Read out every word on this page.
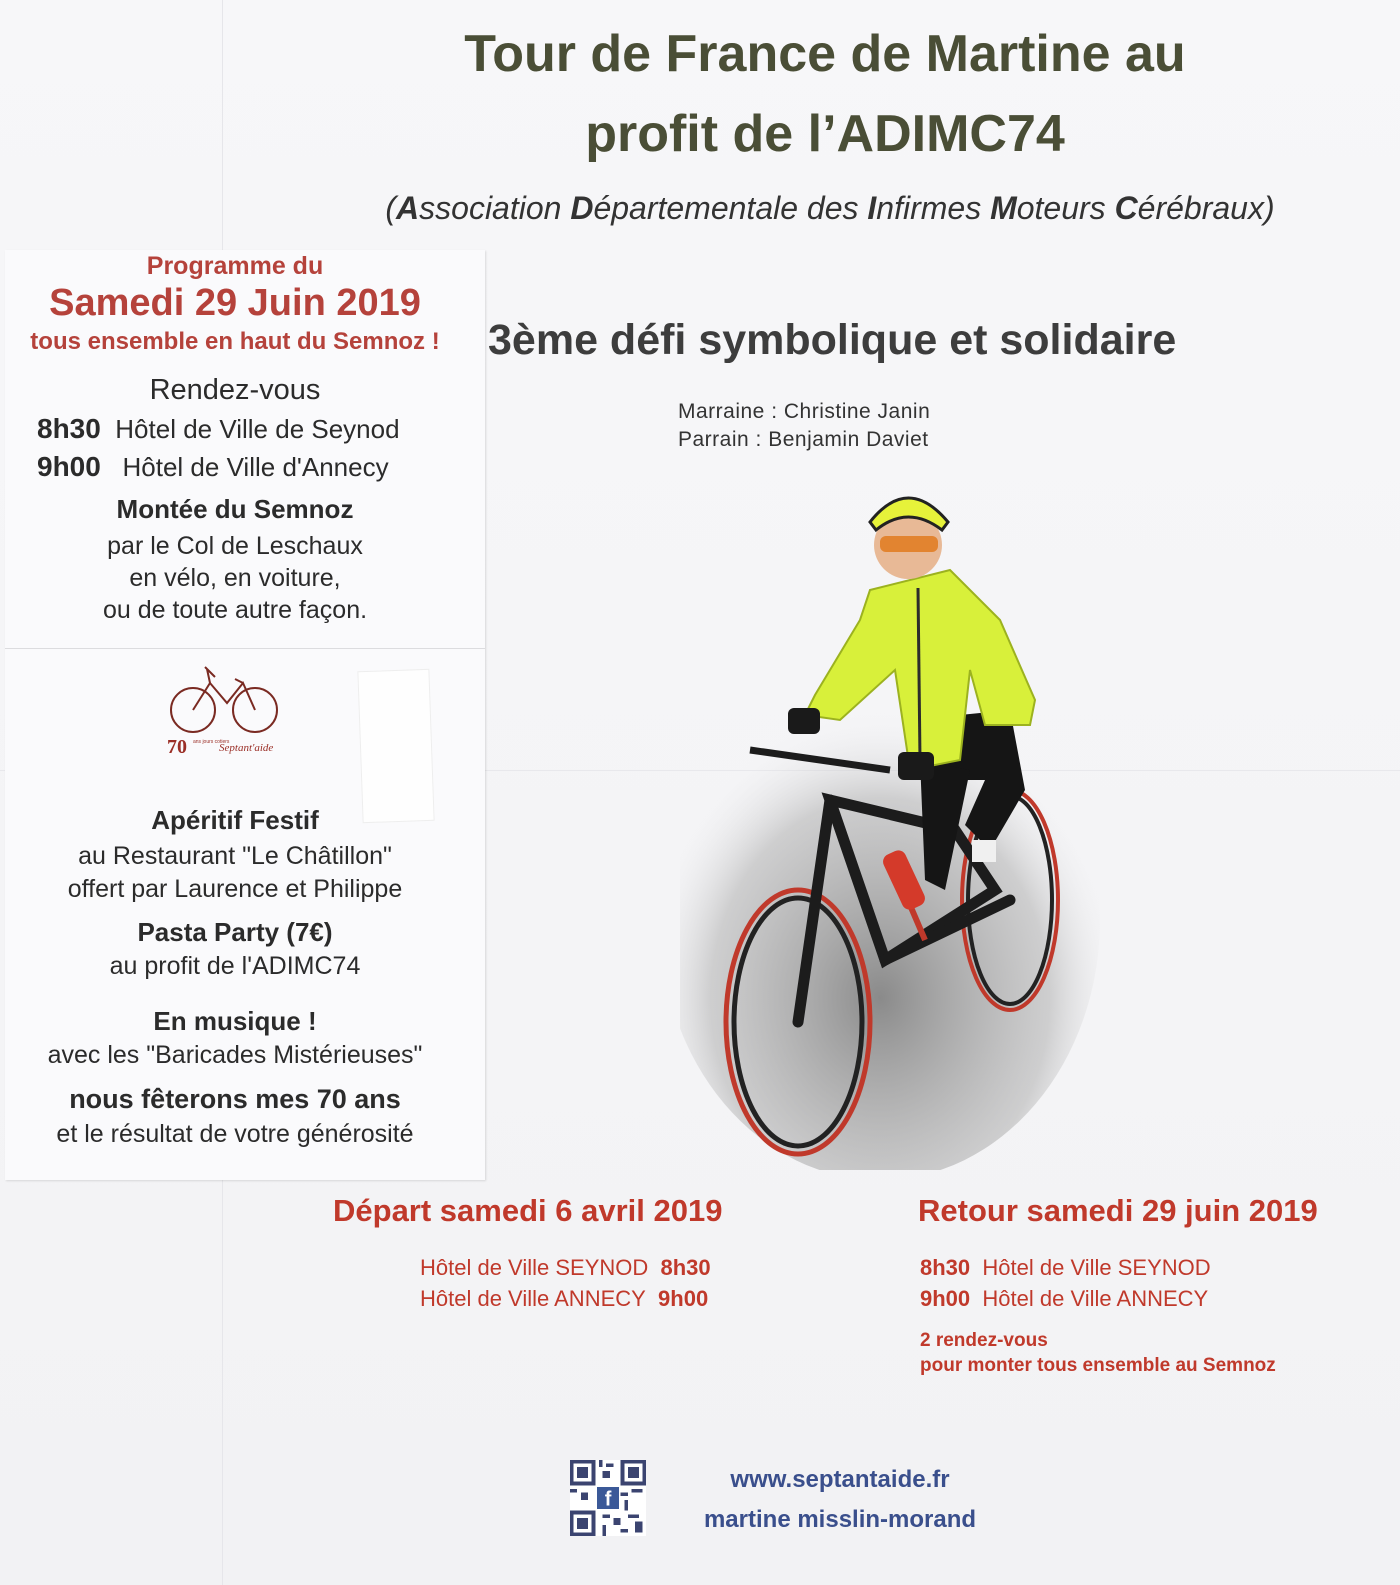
Tour de France de Martine au
profit de l’ADIMC74
(Association Départementale des Infirmes Moteurs Cérébraux)
Programme du
Samedi 29 Juin 2019
tous ensemble en haut du Semnoz !
Rendez-vous
8h30 Hôtel de Ville de Seynod
9h00 Hôtel de Ville d'Annecy
Montée du Semnoz
par le Col de Leschaux
en vélo, en voiture,
ou de toute autre façon.
70 ans jours cotiers
Septant'aide
Apéritif Festif
au Restaurant "Le Châtillon"
offert par Laurence et Philippe
Pasta Party (7€)
au profit de l'ADIMC74
En musique !
avec les "Baricades Mistérieuses"
nous fêterons mes 70 ans
et le résultat de votre générosité
3ème défi symbolique et solidaire
Marraine : Christine Janin
Parrain : Benjamin Daviet
Départ samedi 6 avril 2019
Hôtel de Ville SEYNOD 8h30
Hôtel de Ville ANNECY 9h00
Retour samedi 29 juin 2019
8h30 Hôtel de Ville SEYNOD
9h00 Hôtel de Ville ANNECY
2 rendez-vous
pour monter tous ensemble au Semnoz
f
www.septantaide.fr
martine misslin-morand
